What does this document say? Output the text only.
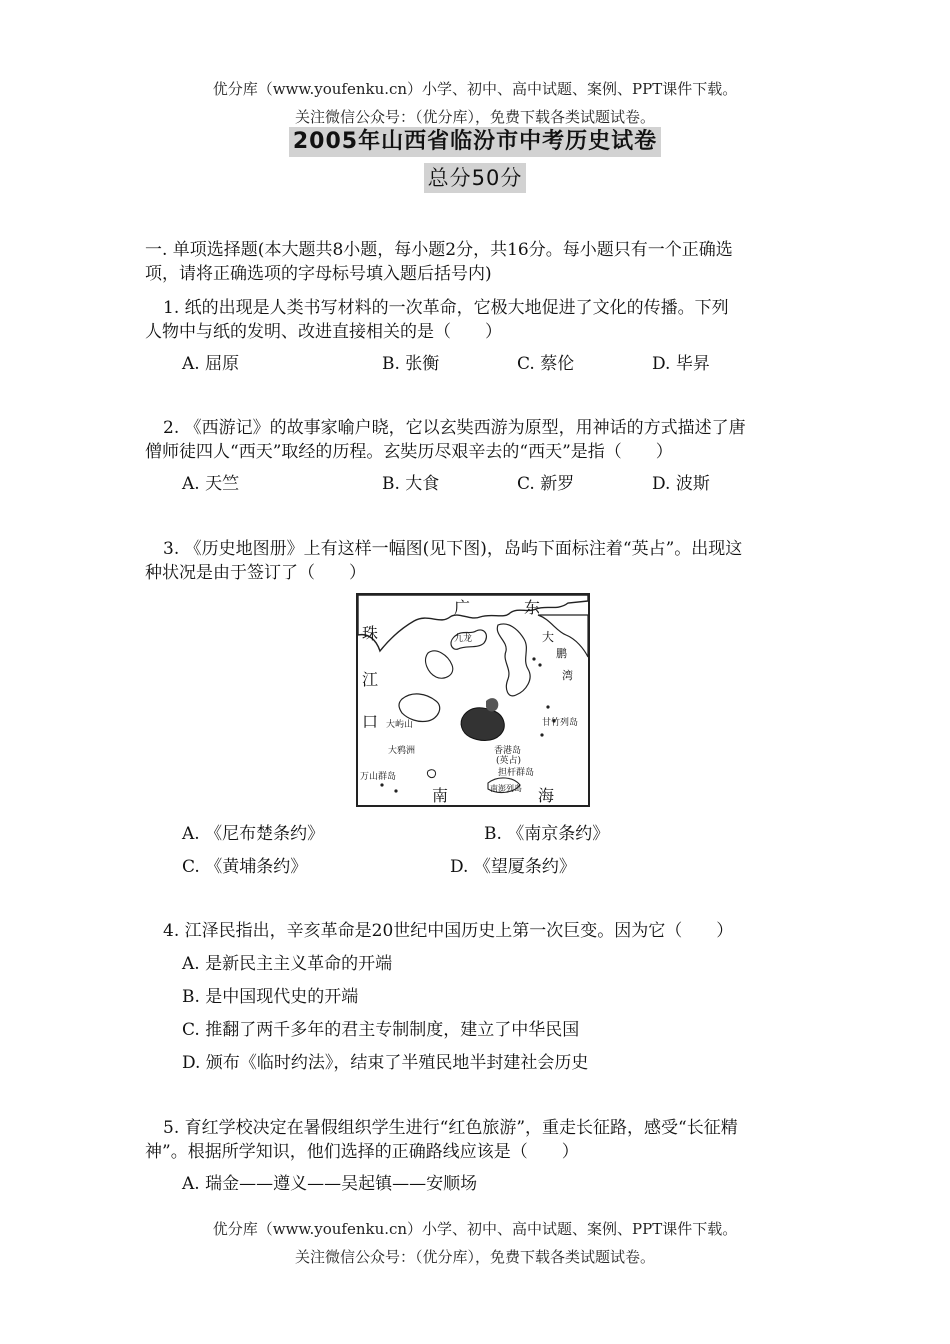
优分库（www.youfenku.cn）小学、初中、高中试题、案例、PPT课件下载。
关注微信公众号：（优分库），免费下载各类试题试卷。
2005年山西省临汾市中考历史试卷
总分50分
一. 单项选择题(本大题共8小题，每小题2分，共16分。每小题只有一个正确选
项，请将正确选项的字母标号填入题后括号内)
1. 纸的出现是人类书写材料的一次革命，它极大地促进了文化的传播。下列
人物中与纸的发明、改进直接相关的是（　　）
A. 屈原	B. 张衡	C. 蔡伦	D. 毕昇
2. 《西游记》的故事家喻户晓，它以玄奘西游为原型，用神话的方式描述了唐
僧师徒四人“西天”取经的历程。玄奘历尽艰辛去的“西天”是指（　　）
A. 天竺	B. 大食	C. 新罗	D. 波斯
3. 《历史地图册》上有这样一幅图(见下图)，岛屿下面标注着“英占”。出现这
种状况是由于签订了（　　）
广	东
珠
江
口
大
鹏
湾
南	海
大屿山
大鸦洲
万山群岛
香港岛
(英占)
九龙
甘竹列岛
担杆群岛
南澎列岛
A. 《尼布楚条约》	B. 《南京条约》
C. 《黄埔条约》	D. 《望厦条约》
4. 江泽民指出，辛亥革命是20世纪中国历史上第一次巨变。因为它（　　）
A. 是新民主主义革命的开端
B. 是中国现代史的开端
C. 推翻了两千多年的君主专制制度，建立了中华民国
D. 颁布《临时约法》，结束了半殖民地半封建社会历史
5. 育红学校决定在暑假组织学生进行“红色旅游”，重走长征路，感受“长征精
神”。根据所学知识，他们选择的正确路线应该是（　　）
A. 瑞金——遵义——吴起镇——安顺场
优分库（www.youfenku.cn）小学、初中、高中试题、案例、PPT课件下载。
关注微信公众号：（优分库），免费下载各类试题试卷。
